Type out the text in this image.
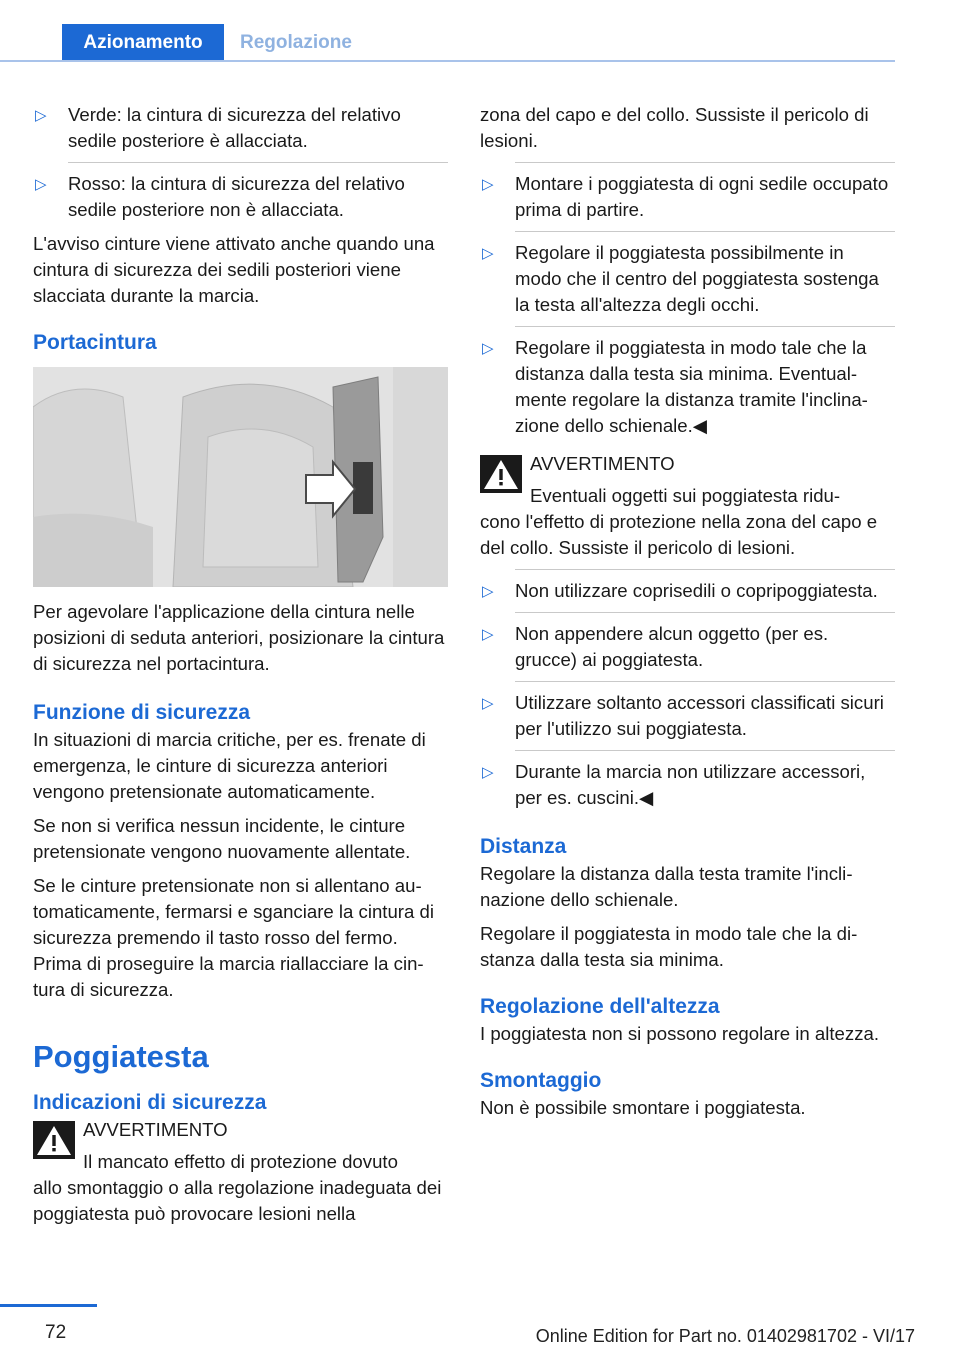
Azionamento	Regolazione
▷ Verde: la cintura di sicurezza del relativo sedile posteriore è allacciata.
▷ Rosso: la cintura di sicurezza del relativo sedile posteriore non è allacciata.

L'avviso cinture viene attivato anche quando una cintura di sicurezza dei sedili posteriori viene slacciata durante la marcia.

Portacintura

Per agevolare l'applicazione della cintura nelle posizioni di seduta anteriori, posizionare la cintura di sicurezza nel portacintura.

Funzione di sicurezza

In situazioni di marcia critiche, per es. frenate di emergenza, le cinture di sicurezza anteriori vengono pretensionate automaticamente.

Se non si verifica nessun incidente, le cinture pretensionate vengono nuovamente allentate.

Se le cinture pretensionate non si allentano automaticamente, fermarsi e sganciare la cintura di sicurezza premendo il tasto rosso del fermo. Prima di proseguire la marcia riallacciare la cintura di sicurezza.

Poggiatesta
Indicazioni di sicurezza
AVVERTIMENTO
Il mancato effetto di protezione dovuto
allo smontaggio o alla regolazione inadeguata dei poggiatesta può provocare lesioni nella

zona del capo e del collo. Sussiste il pericolo di lesioni.

▷ Montare i poggiatesta di ogni sedile occupato prima di partire.
▷ Regolare il poggiatesta possibilmente in modo che il centro del poggiatesta sostenga la testa all'altezza degli occhi.
▷ Regolare il poggiatesta in modo tale che la distanza dalla testa sia minima. Eventualmente regolare la distanza tramite l'inclinazione dello schienale.◀
AVVERTIMENTO
Eventuali oggetti sui poggiatesta ridu-
cono l'effetto di protezione nella zona del capo e del collo. Sussiste il pericolo di lesioni.
▷ Non utilizzare coprisedili o copripoggiatesta.
▷ Non appendere alcun oggetto (per es. grucce) ai poggiatesta.
▷ Utilizzare soltanto accessori classificati sicuri per l'utilizzo sui poggiatesta.
▷ Durante la marcia non utilizzare accessori, per es. cuscini.◀
Distanza

Regolare la distanza dalla testa tramite l'inclinazione dello schienale.

Regolare il poggiatesta in modo tale che la distanza dalla testa sia minima.

Regolazione dell'altezza

I poggiatesta non si possono regolare in altezza.

Smontaggio

Non è possibile smontare i poggiatesta.

72	Online Edition for Part no. 01402981702 - VI/17
